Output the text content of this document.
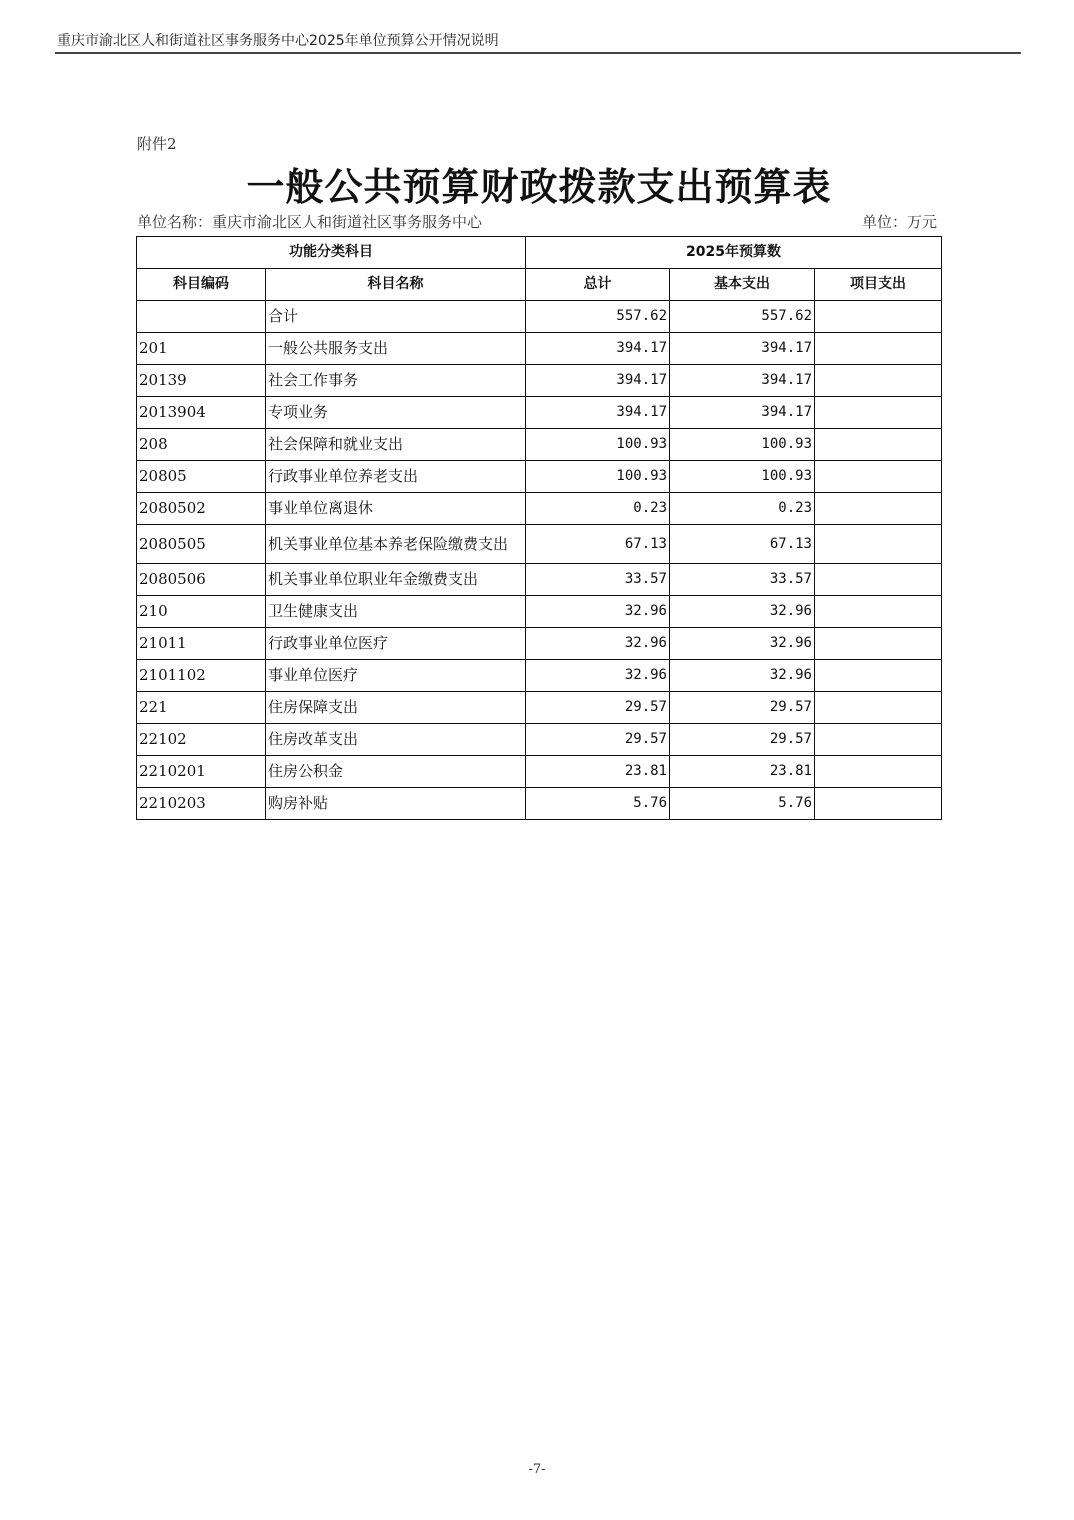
重庆市渝北区人和街道社区事务服务中心2025年单位预算公开情况说明
附件2
一般公共预算财政拨款支出预算表
单位名称：重庆市渝北区人和街道社区事务服务中心	单位：万元
功能分类科目		2025年预算数		
科目编码	科目名称	总计	基本支出	项目支出
	合计	557.62	557.62	
201	一般公共服务支出	394.17	394.17	
20139	社会工作事务	394.17	394.17	
2013904	专项业务	394.17	394.17	
208	社会保障和就业支出	100.93	100.93	
20805	行政事业单位养老支出	100.93	100.93	
2080502	事业单位离退休	0.23	0.23	
2080505	机关事业单位基本养老保险缴费支出	67.13	67.13	
2080506	机关事业单位职业年金缴费支出	33.57	33.57	
210	卫生健康支出	32.96	32.96	
21011	行政事业单位医疗	32.96	32.96	
2101102	事业单位医疗	32.96	32.96	
221	住房保障支出	29.57	29.57	
22102	住房改革支出	29.57	29.57	
2210201	住房公积金	23.81	23.81	
2210203	购房补贴	5.76	5.76	
-7-
